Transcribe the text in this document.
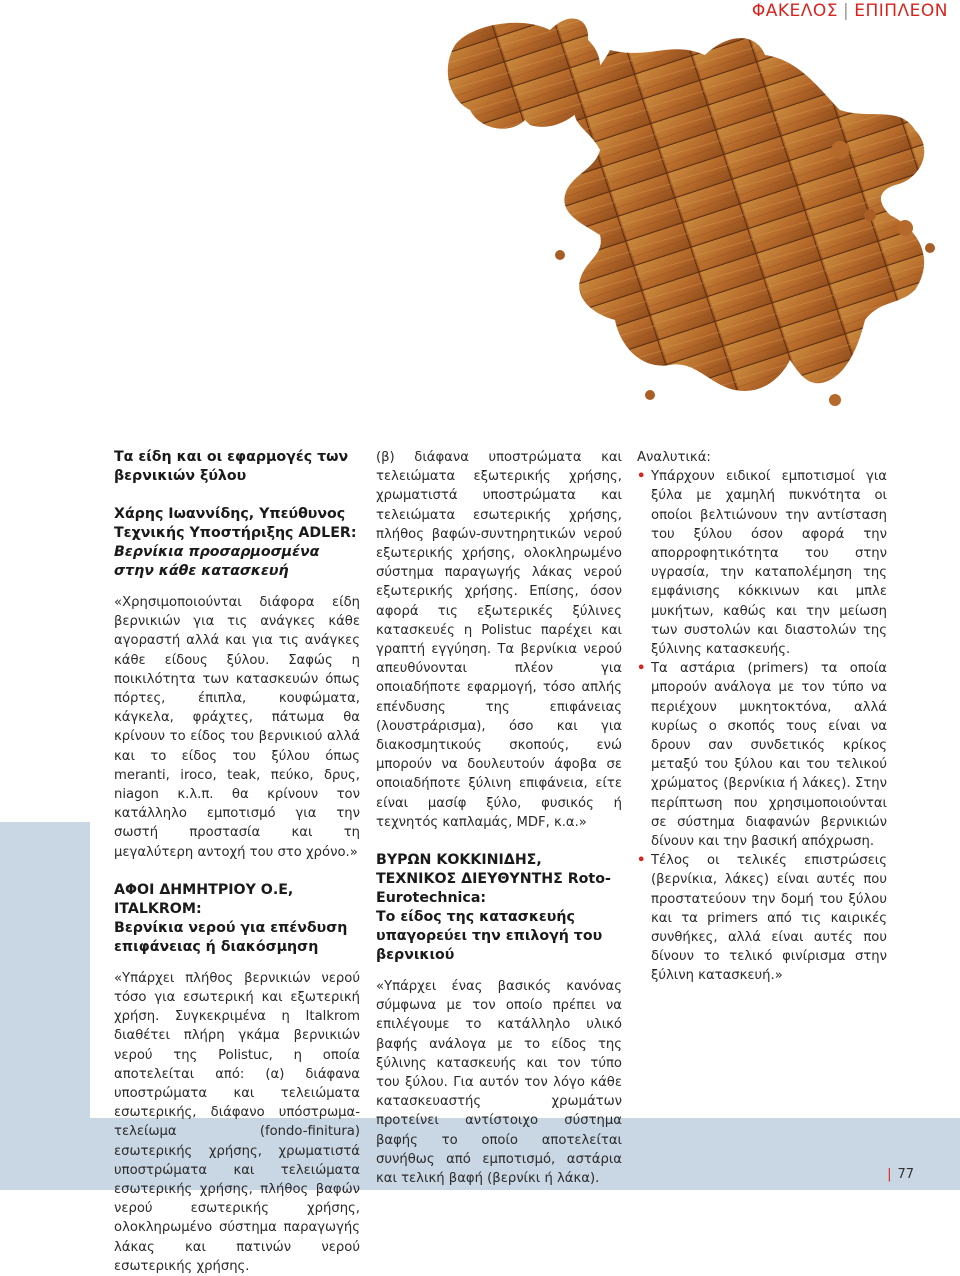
ΦΑΚΕΛΟΣ | ΕΠΙΠΛΕΟΝ
Τα είδη και οι εφαρμογές των βερνικιών ξύλου
Χάρης Ιωαννίδης, Υπεύθυνος Τεχνικής Υποστήριξης ADLER:
Βερνίκια προσαρμοσμένα στην κάθε κατασκευή

«Χρησιμοποιούνται διάφορα είδη βερνικιών για τις ανάγκες κάθε αγοραστή αλλά και για τις ανάγκες κάθε είδους ξύλου. Σαφώς η ποικιλότητα των κατασκευών όπως πόρτες, έπιπλα, κουφώματα, κάγκελα, φράχτες, πάτωμα θα κρίνουν το είδος του βερνικιού αλλά και το είδος του ξύλου όπως meranti, iroco, teak, πεύκο, δρυς, niagon κ.λ.π. θα κρίνουν τον κατάλληλο εμποτισμό για την σωστή προστασία και τη μεγαλύτερη αντοχή του στο χρόνο.»

ΑΦΟΙ ΔΗΜΗΤΡΙΟΥ Ο.Ε, ITALKROM:
Βερνίκια νερού για επένδυση επιφάνειας ή διακόσμηση

«Υπάρχει πλήθος βερνικιών νερού τόσο για εσωτερική και εξωτερική χρήση. Συγκεκριμένα η Italkrom διαθέτει πλήρη γκάμα βερνικιών νερού της Polistuc, η οποία αποτελείται από: (α) διάφανα υποστρώματα και τελειώματα εσωτερικής, διάφανο υπόστρωμα-τελείωμα (fondo-finitura) εσωτερικής χρήσης, χρωματιστά υποστρώματα και τελειώματα εσωτερικής χρήσης, πλήθος βαφών νερού εσωτερικής χρήσης, ολοκληρωμένο σύστημα παραγωγής λάκας και πατινών νερού εσωτερικής χρήσης.

(β) διάφανα υποστρώματα και τελειώματα εξωτερικής χρήσης, χρωματιστά υποστρώματα και τελειώματα εσωτερικής χρήσης, πλήθος βαφών-συντηρητικών νερού εξωτερικής χρήσης, ολοκληρωμένο σύστημα παραγωγής λάκας νερού εξωτερικής χρήσης. Επίσης, όσον αφορά τις εξωτερικές ξύλινες κατασκευές η Polistuc παρέχει και γραπτή εγγύηση. Τα βερνίκια νερού απευθύνονται πλέον για οποιαδήποτε εφαρμογή, τόσο απλής επένδυσης της επιφάνειας (λουστράρισμα), όσο και για διακοσμητικούς σκοπούς, ενώ μπορούν να δουλευτούν άφοβα σε οποιαδήποτε ξύλινη επιφάνεια, είτε είναι μασίφ ξύλο, φυσικός ή τεχνητός καπλαμάς, MDF, κ.α.»

ΒΥΡΩΝ ΚΟΚΚΙΝΙΔΗΣ, ΤΕΧΝΙΚΟΣ ΔΙΕΥΘΥΝΤΗΣ Roto-Eurotechnica:
Το είδος της κατασκευής υπαγορεύει την επιλογή του βερνικιού

«Υπάρχει ένας βασικός κανόνας σύμφωνα με τον οποίο πρέπει να επιλέγουμε το κατάλληλο υλικό βαφής ανάλογα με το είδος της ξύλινης κατασκευής και τον τύπο του ξύλου. Για αυτόν τον λόγο κάθε κατασκευαστής χρωμάτων προτείνει αντίστοιχο σύστημα βαφής το οποίο αποτελείται συνήθως από εμποτισμό, αστάρια και τελική βαφή (βερνίκι ή λάκα).

Αναλυτικά:

• Υπάρχουν ειδικοί εμποτισμοί για ξύλα με χαμηλή πυκνότητα οι οποίοι βελτιώνουν την αντίσταση του ξύλου όσον αφορά την απορροφητικότητα του στην υγρασία, την καταπολέμηση της εμφάνισης κόκκινων και μπλε μυκήτων, καθώς και την μείωση των συστολών και διαστολών της ξύλινης κατασκευής.
• Τα αστάρια (primers) τα οποία μπορούν ανάλογα με τον τύπο να περιέχουν μυκητοκτόνα, αλλά κυρίως ο σκοπός τους είναι να δρουν σαν συνδετικός κρίκος μεταξύ του ξύλου και του τελικού χρώματος (βερνίκια ή λάκες). Στην περίπτωση που χρησιμοποιούνται σε σύστημα διαφανών βερνικιών δίνουν και την βασική απόχρωση.
• Τέλος οι τελικές επιστρώσεις (βερνίκια, λάκες) είναι αυτές που προστατεύουν την δομή του ξύλου και τα primers από τις καιρικές συνθήκες, αλλά είναι αυτές που δίνουν το τελικό φινίρισμα στην ξύλινη κατασκευή.»
| 77
